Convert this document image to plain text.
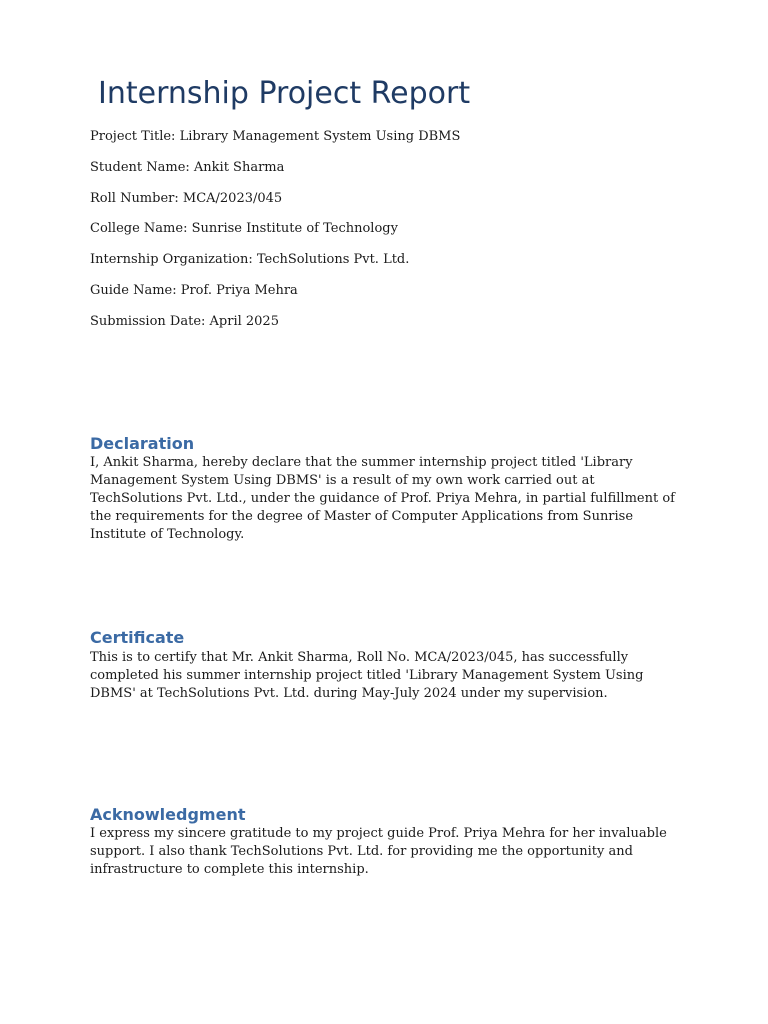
Internship Project Report

Project Title: Library Management System Using DBMS

Student Name: Ankit Sharma

Roll Number: MCA/2023/045

College Name: Sunrise Institute of Technology

Internship Organization: TechSolutions Pvt. Ltd.

Guide Name: Prof. Priya Mehra

Submission Date: April 2025

Declaration

I, Ankit Sharma, hereby declare that the summer internship project titled 'Library Management System Using DBMS' is a result of my own work carried out at TechSolutions Pvt. Ltd., under the guidance of Prof. Priya Mehra, in partial fulfillment of the requirements for the degree of Master of Computer Applications from Sunrise Institute of Technology.

Certificate

This is to certify that Mr. Ankit Sharma, Roll No. MCA/2023/045, has successfully completed his summer internship project titled 'Library Management System Using DBMS' at TechSolutions Pvt. Ltd. during May-July 2024 under my supervision.

Acknowledgment

I express my sincere gratitude to my project guide Prof. Priya Mehra for her invaluable support. I also thank TechSolutions Pvt. Ltd. for providing me the opportunity and infrastructure to complete this internship.
